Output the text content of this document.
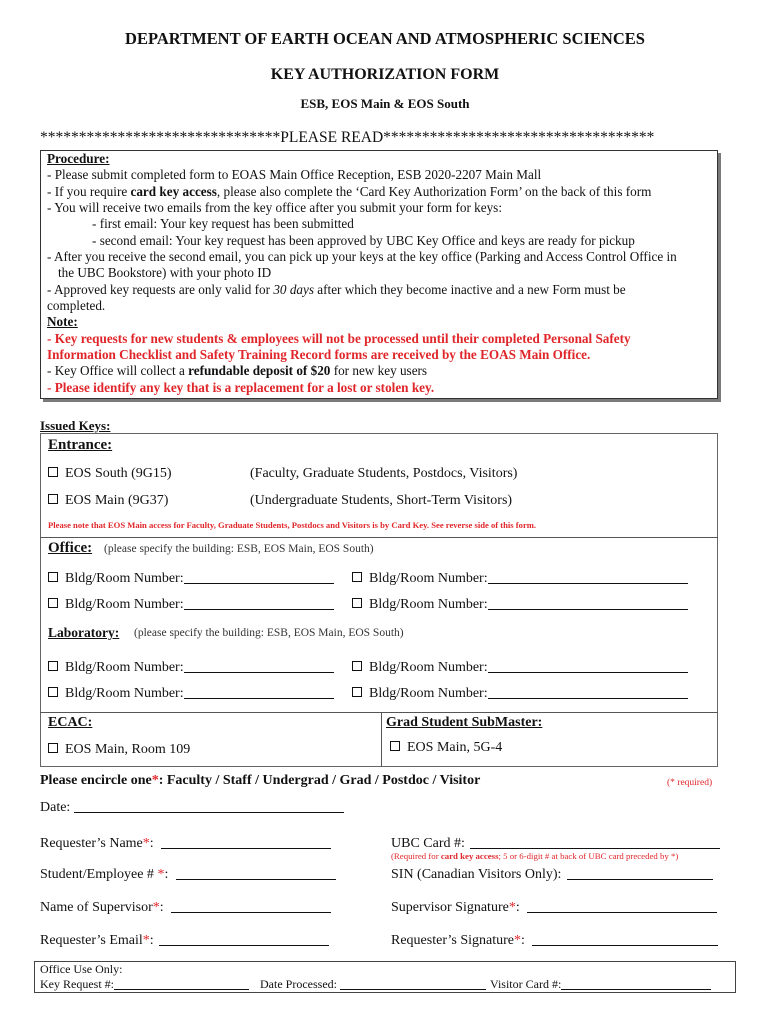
DEPARTMENT OF EARTH OCEAN AND ATMOSPHERIC SCIENCES
KEY AUTHORIZATION FORM
ESB, EOS Main & EOS South
*******************************PLEASE READ***********************************

Procedure:

- Please submit completed form to EOAS Main Office Reception, ESB 2020-2207 Main Mall

- If you require card key access, please also complete the ‘Card Key Authorization Form’ on the back of this form

- You will receive two emails from the key office after you submit your form for keys:

- first email: Your key request has been submitted

- second email: Your key request has been approved by UBC Key Office and keys are ready for pickup

- After you receive the second email, you can pick up your keys at the key office (Parking and Access Control Office in

the UBC Bookstore) with your photo ID

- Approved key requests are only valid for 30 days after which they become inactive and a new Form must be

completed.

Note:

- Key requests for new students & employees will not be processed until their completed Personal Safety

Information Checklist and Safety Training Record forms are received by the EOAS Main Office.

- Key Office will collect a refundable deposit of $20 for new key users

- Please identify any key that is a replacement for a lost or stolen key.

Issued Keys:
Entrance:
EOS South (9G15)	(Faculty, Graduate Students, Postdocs, Visitors)
EOS Main (9G37)	(Undergraduate Students, Short-Term Visitors)
Please note that EOS Main access for Faculty, Graduate Students, Postdocs and Visitors is by Card Key. See reverse side of this form.
Office: (please specify the building: ESB, EOS Main, EOS South)
Bldg/Room Number:	Bldg/Room Number:
Bldg/Room Number:	Bldg/Room Number:
Laboratory: (please specify the building: ESB, EOS Main, EOS South)
Bldg/Room Number:	Bldg/Room Number:
Bldg/Room Number:	Bldg/Room Number:
ECAC:
EOS Main, Room 109
Grad Student SubMaster:
EOS Main, 5G-4
Please encircle one*: Faculty / Staff / Undergrad / Grad / Postdoc / Visitor	(* required)
Date:
Requester’s Name*:	UBC Card #:
(Required for card key access; 5 or 6-digit # at back of UBC card preceded by *)
Student/Employee # *:	SIN (Canadian Visitors Only):
Name of Supervisor*:	Supervisor Signature*:
Requester’s Email*:	Requester’s Signature*:
Office Use Only:
Key Request #:	Date Processed:	Visitor Card #:
